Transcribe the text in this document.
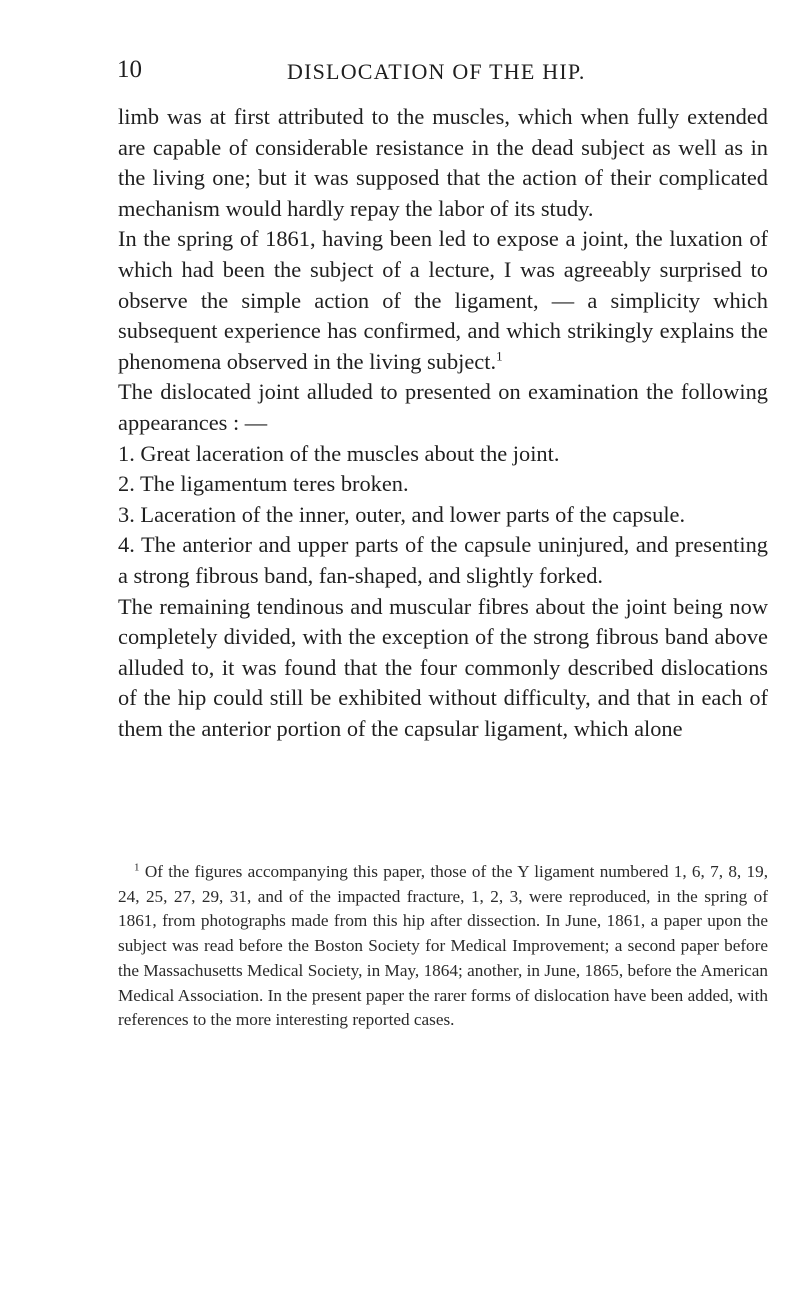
10	DISLOCATION OF THE HIP.

limb was at first attributed to the muscles, which when fully extended are capable of considerable resistance in the dead subject as well as in the living one; but it was supposed that the action of their complicated mechanism would hardly repay the labor of its study.

In the spring of 1861, having been led to expose a joint, the luxation of which had been the subject of a lecture, I was agreeably surprised to observe the simple action of the ligament, — a simplicity which subsequent experience has confirmed, and which strikingly explains the phenomena observed in the living subject.$^1$

The dislocated joint alluded to presented on examination the following appearances : —

1. Great laceration of the muscles about the joint.

2. The ligamentum teres broken.

3. Laceration of the inner, outer, and lower parts of the capsule.

4. The anterior and upper parts of the capsule uninjured, and presenting a strong fibrous band, fan-shaped, and slightly forked.

The remaining tendinous and muscular fibres about the joint being now completely divided, with the exception of the strong fibrous band above alluded to, it was found that the four commonly described dislocations of the hip could still be exhibited without difficulty, and that in each of them the anterior portion of the capsular ligament, which alone

$^1$ Of the figures accompanying this paper, those of the Y ligament numbered 1, 6, 7, 8, 19, 24, 25, 27, 29, 31, and of the impacted fracture, 1, 2, 3, were reproduced, in the spring of 1861, from photographs made from this hip after dissection. In June, 1861, a paper upon the subject was read before the Boston Society for Medical Improvement; a second paper before the Massachusetts Medical Society, in May, 1864; another, in June, 1865, before the American Medical Association. In the present paper the rarer forms of dislocation have been added, with references to the more interesting reported cases.
